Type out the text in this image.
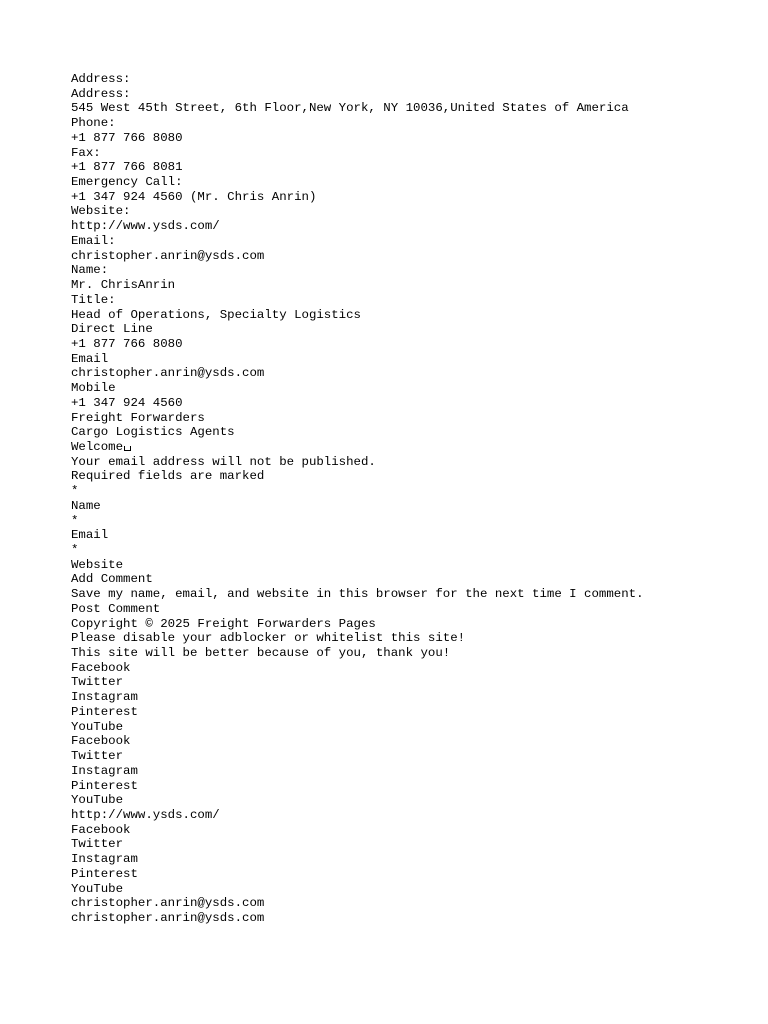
Address:
Address:
545 West 45th Street, 6th Floor,New York, NY 10036,United States of America
Phone:
+1 877 766 8080
Fax:
+1 877 766 8081
Emergency Call:
+1 347 924 4560 (Mr. Chris Anrin)
Website:
http://www.ysds.com/
Email:
christopher.anrin@ysds.com
Name:
Mr. ChrisAnrin
Title:
Head of Operations, Specialty Logistics
Direct Line
+1 877 766 8080
Email
christopher.anrin@ysds.com
Mobile
+1 347 924 4560
Freight Forwarders
Cargo Logistics Agents
Welcome
Your email address will not be published.
Required fields are marked
*
Name
*
Email
*
Website
Add Comment
Save my name, email, and website in this browser for the next time I comment.
Post Comment
Copyright © 2025 Freight Forwarders Pages
Please disable your adblocker or whitelist this site!
This site will be better because of you, thank you!
Facebook
Twitter
Instagram
Pinterest
YouTube
Facebook
Twitter
Instagram
Pinterest
YouTube
http://www.ysds.com/
Facebook
Twitter
Instagram
Pinterest
YouTube
christopher.anrin@ysds.com
christopher.anrin@ysds.com
